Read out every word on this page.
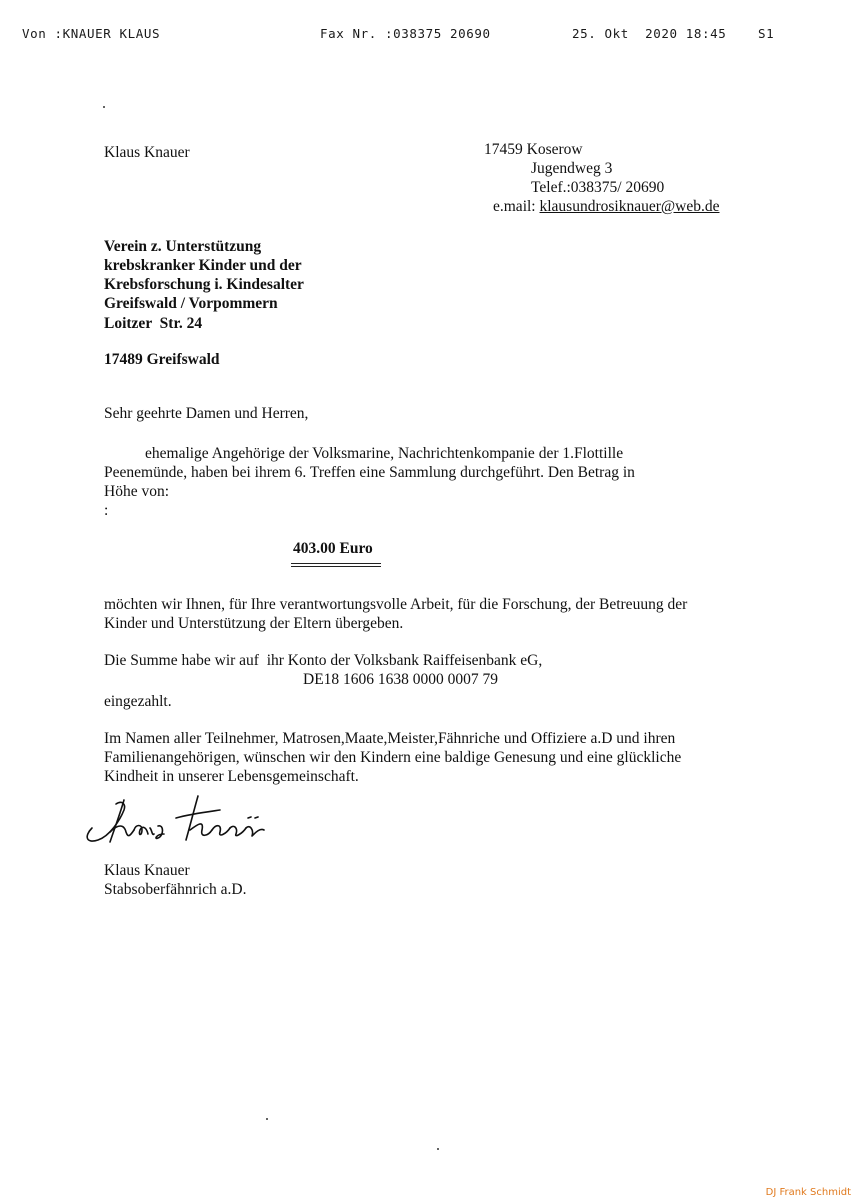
Von :KNAUER KLAUS	Fax Nr. :038375 20690	25. Okt  2020 18:45	S1
Klaus Knauer	17459 Koserow
Jugendweg 3
Telef.:038375/ 20690
e.mail: klausundrosiknauer@web.de
Verein z. Unterstützung
krebskranker Kinder und der
Krebsforschung i. Kindesalter
Greifswald / Vorpommern
Loitzer  Str. 24
17489 Greifswald
Sehr geehrte Damen und Herren,
ehemalige Angehörige der Volksmarine, Nachrichtenkompanie der 1.Flottille
Peenemünde, haben bei ihrem 6. Treffen eine Sammlung durchgeführt. Den Betrag in
Höhe von:
:
403.00 Euro
möchten wir Ihnen, für Ihre verantwortungsvolle Arbeit, für die Forschung, der Betreuung der
Kinder und Unterstützung der Eltern übergeben.
Die Summe habe wir auf  ihr Konto der Volksbank Raiffeisenbank eG,
DE18 1606 1638 0000 0007 79
eingezahlt.
Im Namen aller Teilnehmer, Matrosen,Maate,Meister,Fähnriche und Offiziere a.D und ihren
Familienangehörigen, wünschen wir den Kindern eine baldige Genesung und eine glückliche
Kindheit in unserer Lebensgemeinschaft.
Klaus Knauer
Stabsoberfähnrich a.D.
DJ Frank Schmidt
